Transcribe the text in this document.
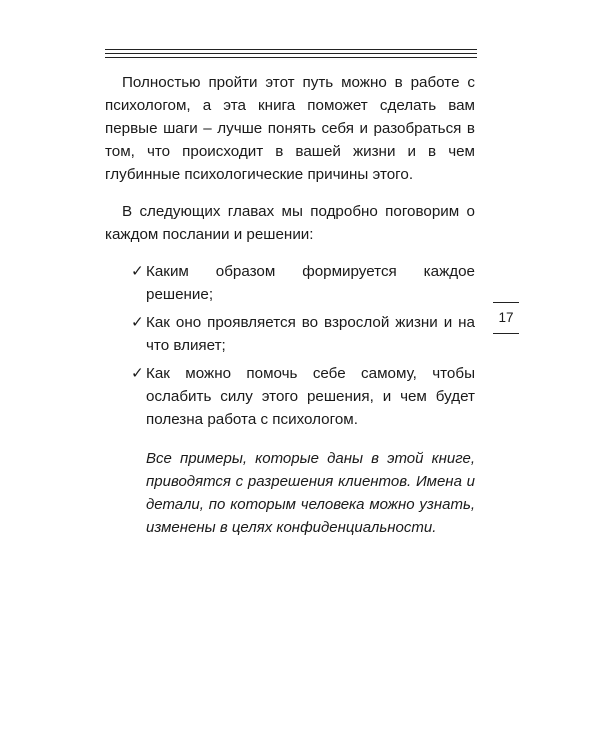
Полностью пройти этот путь можно в работе с психологом, а эта книга поможет сделать вам первые шаги – лучше понять себя и разобраться в том, что происходит в вашей жизни и в чем глубинные психологические причины этого.

В следующих главах мы подробно поговорим о каждом послании и решении:

✓ Каким образом формируется каждое решение;
✓ Как оно проявляется во взрослой жизни и на что влияет;
✓ Как можно помочь себе самому, чтобы ослабить силу этого решения, и чем будет полезна работа с психологом.

Все примеры, которые даны в этой книге, приводятся с разрешения клиентов. Имена и детали, по которым человека можно узнать, изменены в целях конфиденциальности.

17
